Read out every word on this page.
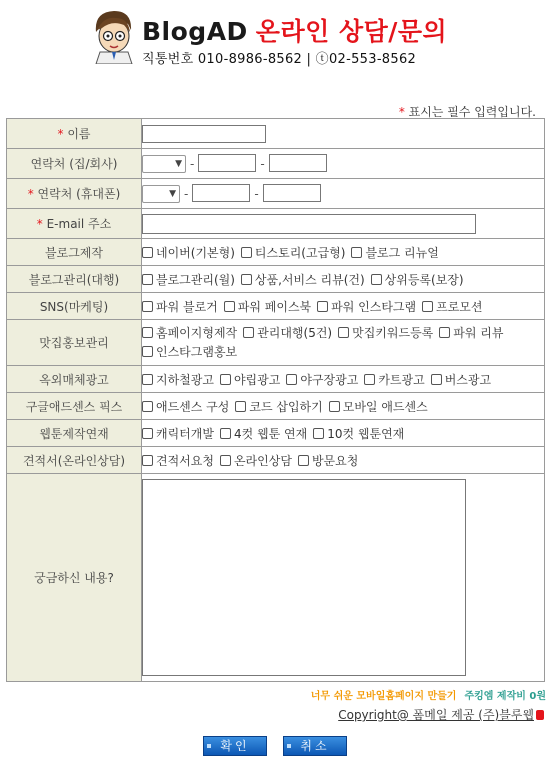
BlogAD 온라인 상담/문의
직통번호 010-8986-8562 | ⓣ02-553-8562
* 표시는 필수 입력입니다.
* 이름	
연락처 (집/회사)	▼ - -
* 연락처 (휴대폰)	▼ - -
* E-mail 주소	
블로그제작	네이버(기본형) 티스토리(고급형) 블로그 리뉴얼
블로그관리(대행)	블로그관리(월) 상품,서비스 리뷰(건) 상위등록(보장)
SNS(마케팅)	파워 블로거 파워 페이스북 파워 인스타그램 프로모션
맛집홍보관리	홈페이지형제작 관리대행(5건) 맛집키워드등록 파워 리뷰
인스타그램홍보
옥외매체광고	지하철광고 야립광고 야구장광고 카트광고 버스광고
구글애드센스 픽스	애드센스 구성 코드 삽입하기 모바일 애드센스
웹툰제작연재	캐릭터개발 4컷 웹툰 연재 10컷 웹툰연재
견적서(온라인상담)	견적서요청 온라인상담 방문요청
궁금하신 내용?	
너무 쉬운 모바일홈페이지 만들기 주킹엠 제작비 0원
Copyright@ 폼메일 제공 (주)블루웹
확인	취소
